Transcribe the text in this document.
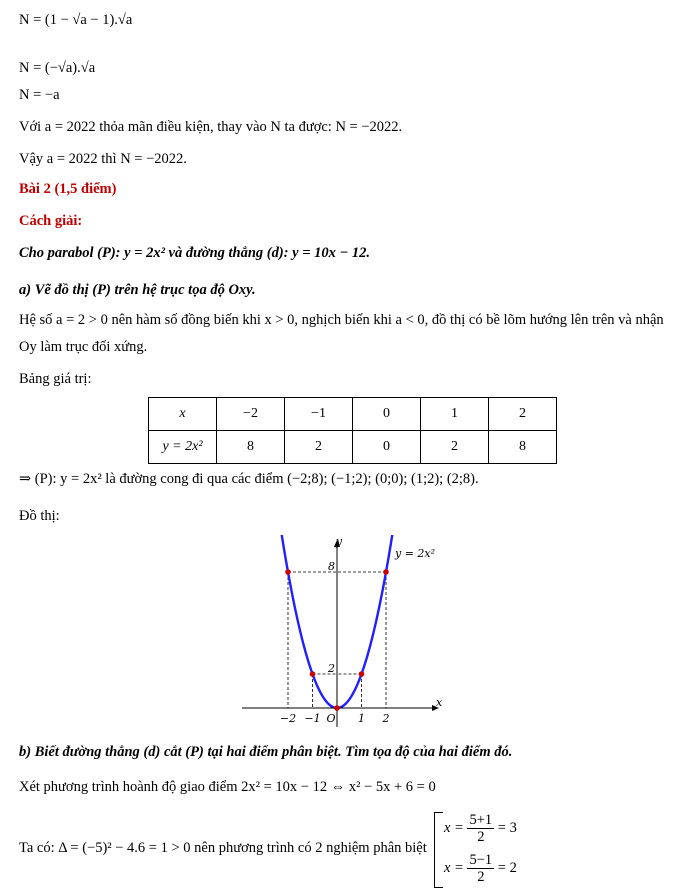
N = (1 − √a − 1).√a
N = (−√a).√a
N = −a
Với a = 2022 thỏa mãn điều kiện, thay vào N ta được: N = −2022.
Vậy a = 2022 thì N = −2022.
Bài 2 (1,5 điểm)
Cách giải:
Cho parabol (P): y = 2x² và đường thẳng (d): y = 10x − 12.
a) Vẽ đồ thị (P) trên hệ trục tọa độ Oxy.
Hệ số a = 2 > 0 nên hàm số đồng biến khi x > 0, nghịch biến khi a < 0, đồ thị có bề lõm hướng lên trên và nhận
Oy làm trục đối xứng.
Bảng giá trị:
x	−2	−1	0	1	2
y = 2x²	8	2	0	2	8
⇒ (P): y = 2x² là đường cong đi qua các điểm (−2;8); (−1;2); (0;0); (1;2); (2;8).
Đồ thị:
−2 −1 O 1 2
2
8
x
y
y = 2x²
b) Biết đường thẳng (d) cắt (P) tại hai điểm phân biệt. Tìm tọa độ của hai điểm đó.
Xét phương trình hoành độ giao điểm 2x² = 10x − 12 ⇔ x² − 5x + 6 = 0
Ta có: Δ = (−5)² − 4.6 = 1 > 0 nên phương trình có 2 nghiệm phân biệt
$x = \frac{5+1}{2} = 3$
$x = \frac{5-1}{2} = 2$
